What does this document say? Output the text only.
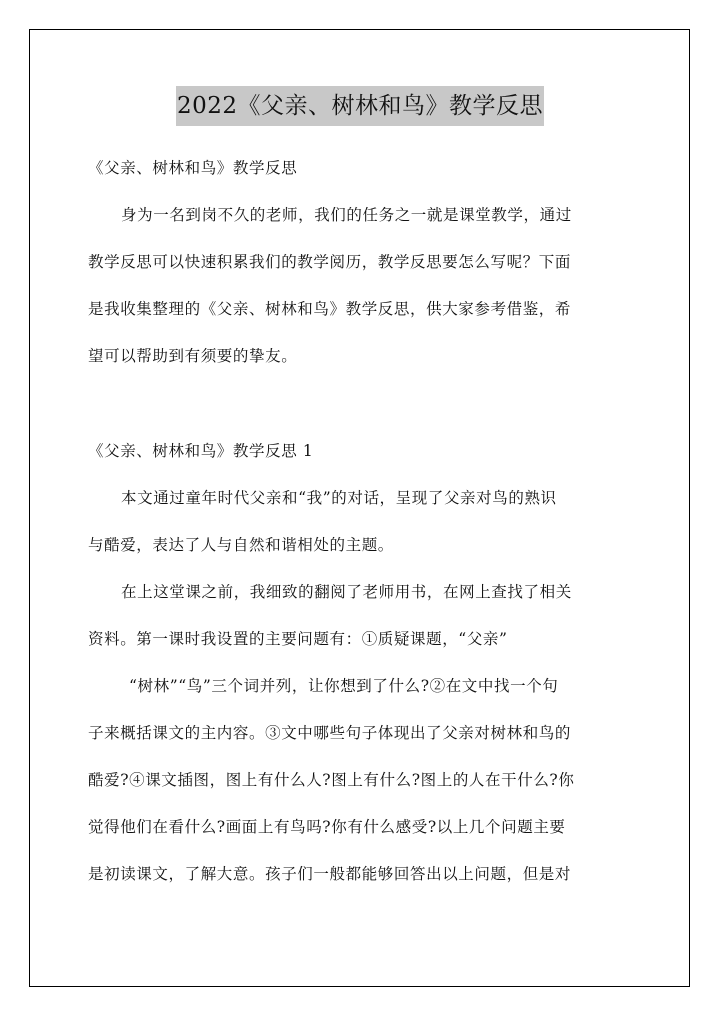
2022《父亲、树林和鸟》教学反思
《父亲、树林和鸟》教学反思
身为一名到岗不久的老师，我们的任务之一就是课堂教学，通过
教学反思可以快速积累我们的教学阅历，教学反思要怎么写呢？下面
是我收集整理的《父亲、树林和鸟》教学反思，供大家参考借鉴，希
望可以帮助到有须要的挚友。
《父亲、树林和鸟》教学反思 1
本文通过童年时代父亲和“我”的对话，呈现了父亲对鸟的熟识
与酷爱，表达了人与自然和谐相处的主题。
在上这堂课之前，我细致的翻阅了老师用书，在网上查找了相关
资料。第一课时我设置的主要问题有：①质疑课题，“父亲”
“树林”“鸟”三个词并列，让你想到了什么?②在文中找一个句
子来概括课文的主内容。③文中哪些句子体现出了父亲对树林和鸟的
酷爱?④课文插图，图上有什么人?图上有什么?图上的人在干什么?你
觉得他们在看什么?画面上有鸟吗?你有什么感受?以上几个问题主要
是初读课文，了解大意。孩子们一般都能够回答出以上问题，但是对
